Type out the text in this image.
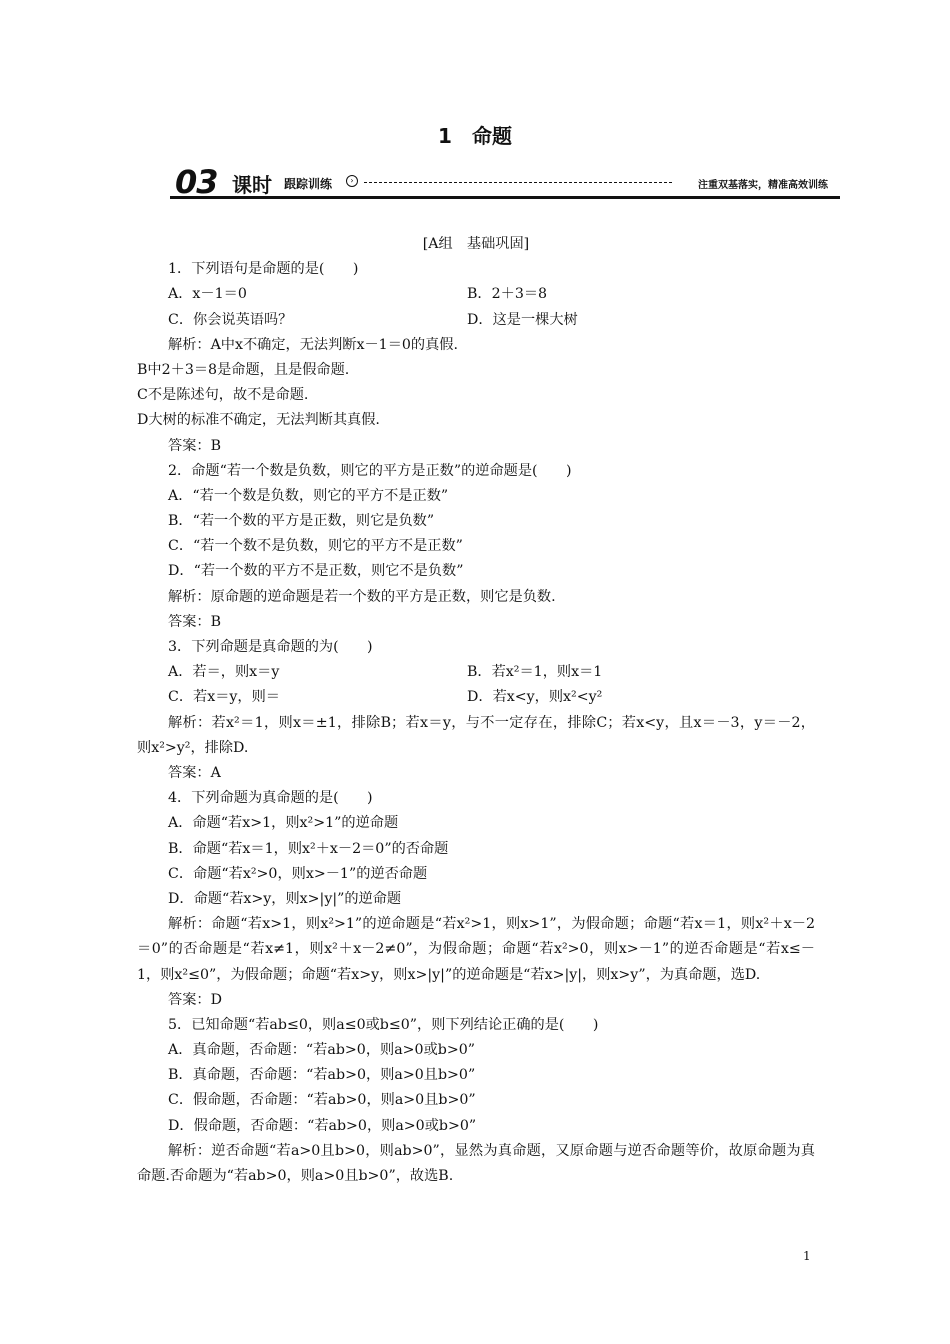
1　命题
03 课时 跟踪训练	›	注重双基落实，精准高效训练
[A组　基础巩固]
1．下列语句是命题的是(　　)
A．x－1＝0	B．2＋3＝8
C．你会说英语吗？	D．这是一棵大树
解析：A中x不确定，无法判断x－1＝0的真假.
B中2＋3＝8是命题，且是假命题.
C不是陈述句，故不是命题.
D大树的标准不确定，无法判断其真假.
答案：B
2．命题“若一个数是负数，则它的平方是正数”的逆命题是(　　)
A．“若一个数是负数，则它的平方不是正数”
B．“若一个数的平方是正数，则它是负数”
C．“若一个数不是负数，则它的平方不是正数”
D．“若一个数的平方不是正数，则它不是负数”
解析：原命题的逆命题是若一个数的平方是正数，则它是负数.
答案：B
3．下列命题是真命题的为(　　)
A．若＝，则x＝y	B．若x²＝1，则x＝1
C．若x＝y，则＝	D．若x<y，则x²<y²
解析：若x²＝1，则x＝±1，排除B；若x＝y，与不一定存在，排除C；若x<y，且x＝－3，y＝－2，则x²>y²，排除D.
答案：A
4．下列命题为真命题的是(　　)
A．命题“若x>1，则x²>1”的逆命题
B．命题“若x＝1，则x²＋x－2＝0”的否命题
C．命题“若x²>0，则x>－1”的逆否命题
D．命题“若x>y，则x>|y|”的逆命题
解析：命题“若x>1，则x²>1”的逆命题是“若x²>1，则x>1”，为假命题；命题“若x＝1，则x²＋x－2＝0”的否命题是“若x≠1，则x²＋x－2≠0”，为假命题；命题“若x²>0，则x>－1”的逆否命题是“若x≤－1，则x²≤0”，为假命题；命题“若x>y，则x>|y|”的逆命题是“若x>|y|，则x>y”，为真命题，选D.
答案：D
5．已知命题“若ab≤0，则a≤0或b≤0”，则下列结论正确的是(　　)
A．真命题，否命题：“若ab>0，则a>0或b>0”
B．真命题，否命题：“若ab>0，则a>0且b>0”
C．假命题，否命题：“若ab>0，则a>0且b>0”
D．假命题，否命题：“若ab>0，则a>0或b>0”
解析：逆否命题“若a>0且b>0，则ab>0”，显然为真命题，又原命题与逆否命题等价，故原命题为真命题.否命题为“若ab>0，则a>0且b>0”，故选B.
1
